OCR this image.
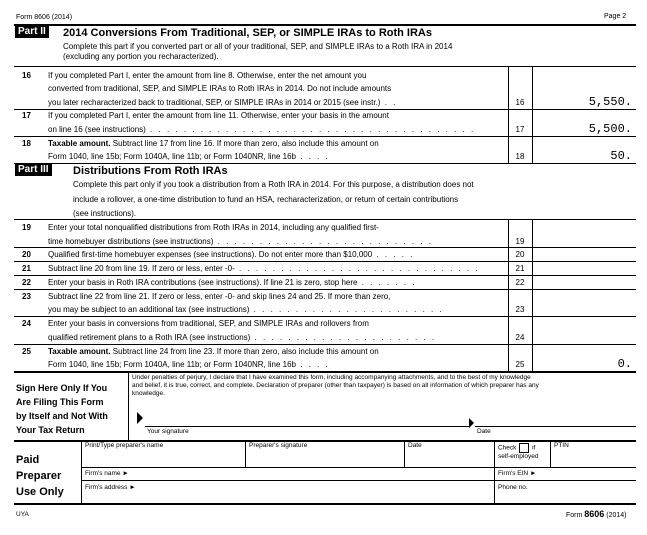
Form 8606 (2014)	Page 2
Part II 2014 Conversions From Traditional, SEP, or SIMPLE IRAs to Roth IRAs
Complete this part if you converted part or all of your traditional, SEP, and SIMPLE IRAs to a Roth IRA in 2014
(excluding any portion you recharacterized).
16 If you completed Part I, enter the amount from line 8. Otherwise, enter the net amount you
converted from traditional, SEP, and SIMPLE IRAs to Roth IRAs in 2014. Do not include amounts
you later recharacterized back to traditional, SEP, or SIMPLE IRAs in 2014 or 2015 (see instr.) . .	16	5,550.
17 If you completed Part I, enter the amount from line 11. Otherwise, enter your basis in the amount
on line 16 (see instructions) . . . . . . . . . . . . . . . . . . . . . . . . . . . . . . . . . . . . . . .	17	5,500.
18 Taxable amount. Subtract line 17 from line 16. If more than zero, also include this amount on
Form 1040, line 15b; Form 1040A, line 11b; or Form 1040NR, line 16b . . . .	18	50.
Part III Distributions From Roth IRAs
Complete this part only if you took a distribution from a Roth IRA in 2014. For this purpose, a distribution does not
include a rollover, a one-time distribution to fund an HSA, recharacterization, or return of certain contributions
(see instructions).
19 Enter your total nonqualified distributions from Roth IRAs in 2014, including any qualified first-
time homebuyer distributions (see instructions) . . . . . . . . . . . . . . . . . . . . . . . . . .	19
20 Qualified first-time homebuyer expenses (see instructions). Do not enter more than $10,000 . . . . .	20
21 Subtract line 20 from line 19. If zero or less, enter -0- . . . . . . . . . . . . . . . . . . . . . . . . . . . . .	21
22 Enter your basis in Roth IRA contributions (see instructions). If line 21 is zero, stop here . . . . . . .	22
23 Subtract line 22 from line 21. If zero or less, enter -0- and skip lines 24 and 25. If more than zero,
you may be subject to an additional tax (see instructions) . . . . . . . . . . . . . . . . . . . . . . .	23
24 Enter your basis in conversions from traditional, SEP, and SIMPLE IRAs and rollovers from
qualified retirement plans to a Roth IRA (see instructions) . . . . . . . . . . . . . . . . . . . . . .	24
25 Taxable amount. Subtract line 24 from line 23. If more than zero, also include this amount on
Form 1040, line 15b; Form 1040A, line 11b; or Form 1040NR, line 16b . . . .	25	0.
Sign Here Only If You
Are Filing This Form
by Itself and Not With
Your Tax Return
Under penalties of perjury, I declare that I have examined this form, including accompanying attachments, and to the best of my knowledge
and belief, it is true, correct, and complete. Declaration of preparer (other than taxpayer) is based on all information of which preparer has any
knowledge.
Your signature	Date
Paid
Preparer
Use Only
Print/Type preparer's name	Preparer's signature	Date	Check if
self-employed
PTIN
Firm's name ►	Firm's EIN ►
Firm's address ►	Phone no.
UYA	Form 8606 (2014)
